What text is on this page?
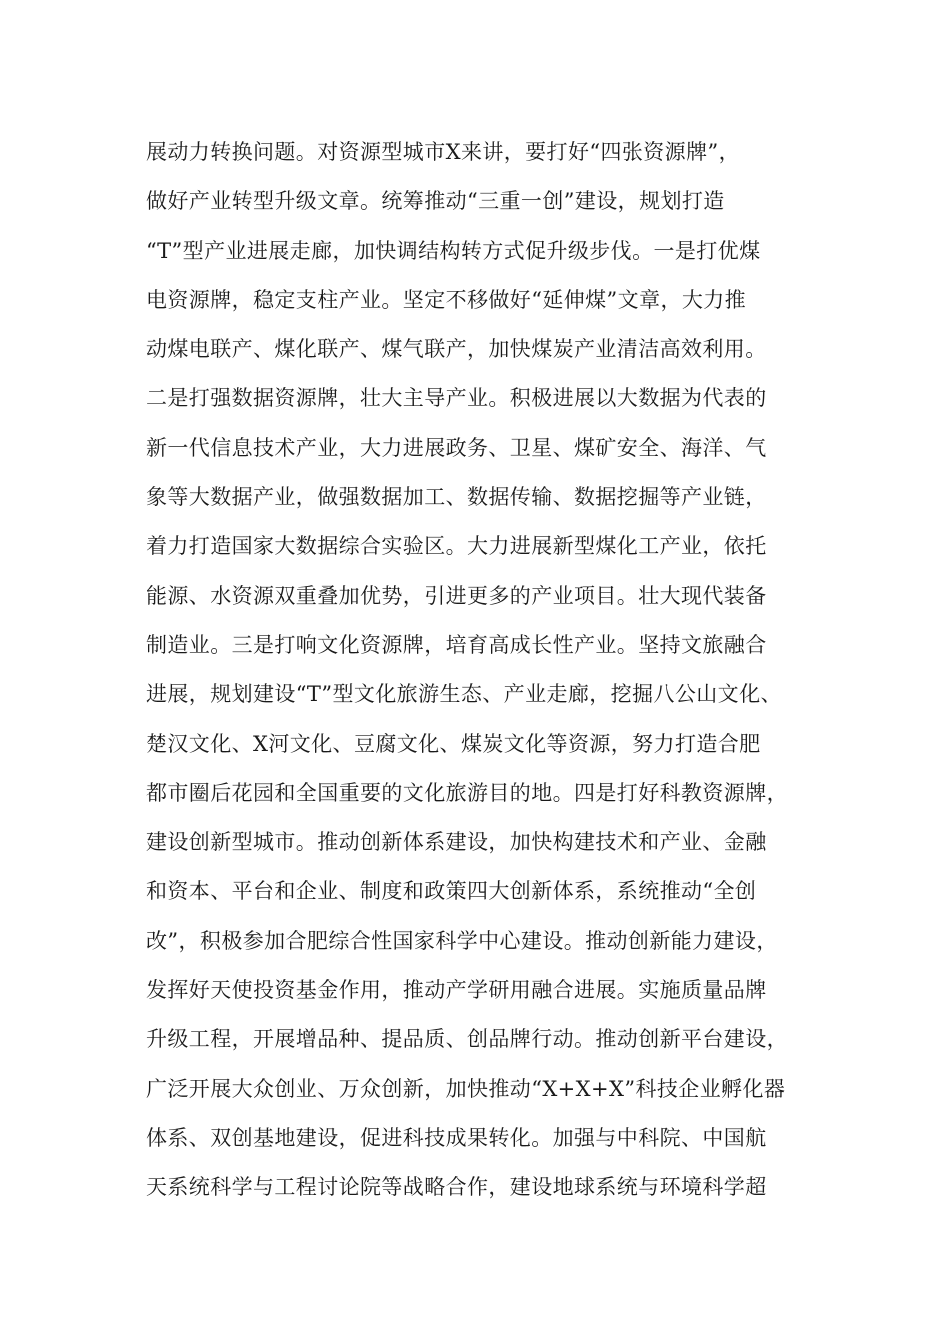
展动力转换问题。对资源型城市X来讲，要打好“四张资源牌”，
做好产业转型升级文章。统筹推动“三重一创”建设，规划打造
“T”型产业进展走廊，加快调结构转方式促升级步伐。一是打优煤
电资源牌，稳定支柱产业。坚定不移做好“延伸煤”文章，大力推
动煤电联产、煤化联产、煤气联产，加快煤炭产业清洁高效利用。
二是打强数据资源牌，壮大主导产业。积极进展以大数据为代表的
新一代信息技术产业，大力进展政务、卫星、煤矿安全、海洋、气
象等大数据产业，做强数据加工、数据传输、数据挖掘等产业链，
着力打造国家大数据综合实验区。大力进展新型煤化工产业，依托
能源、水资源双重叠加优势，引进更多的产业项目。壮大现代装备
制造业。三是打响文化资源牌，培育高成长性产业。坚持文旅融合
进展，规划建设“T”型文化旅游生态、产业走廊，挖掘八公山文化、
楚汉文化、X河文化、豆腐文化、煤炭文化等资源，努力打造合肥
都市圈后花园和全国重要的文化旅游目的地。四是打好科教资源牌，
建设创新型城市。推动创新体系建设，加快构建技术和产业、金融
和资本、平台和企业、制度和政策四大创新体系，系统推动“全创
改”，积极参加合肥综合性国家科学中心建设。推动创新能力建设，
发挥好天使投资基金作用，推动产学研用融合进展。实施质量品牌
升级工程，开展增品种、提品质、创品牌行动。推动创新平台建设，
广泛开展大众创业、万众创新，加快推动“X+X+X”科技企业孵化器
体系、双创基地建设，促进科技成果转化。加强与中科院、中国航
天系统科学与工程讨论院等战略合作，建设地球系统与环境科学超
